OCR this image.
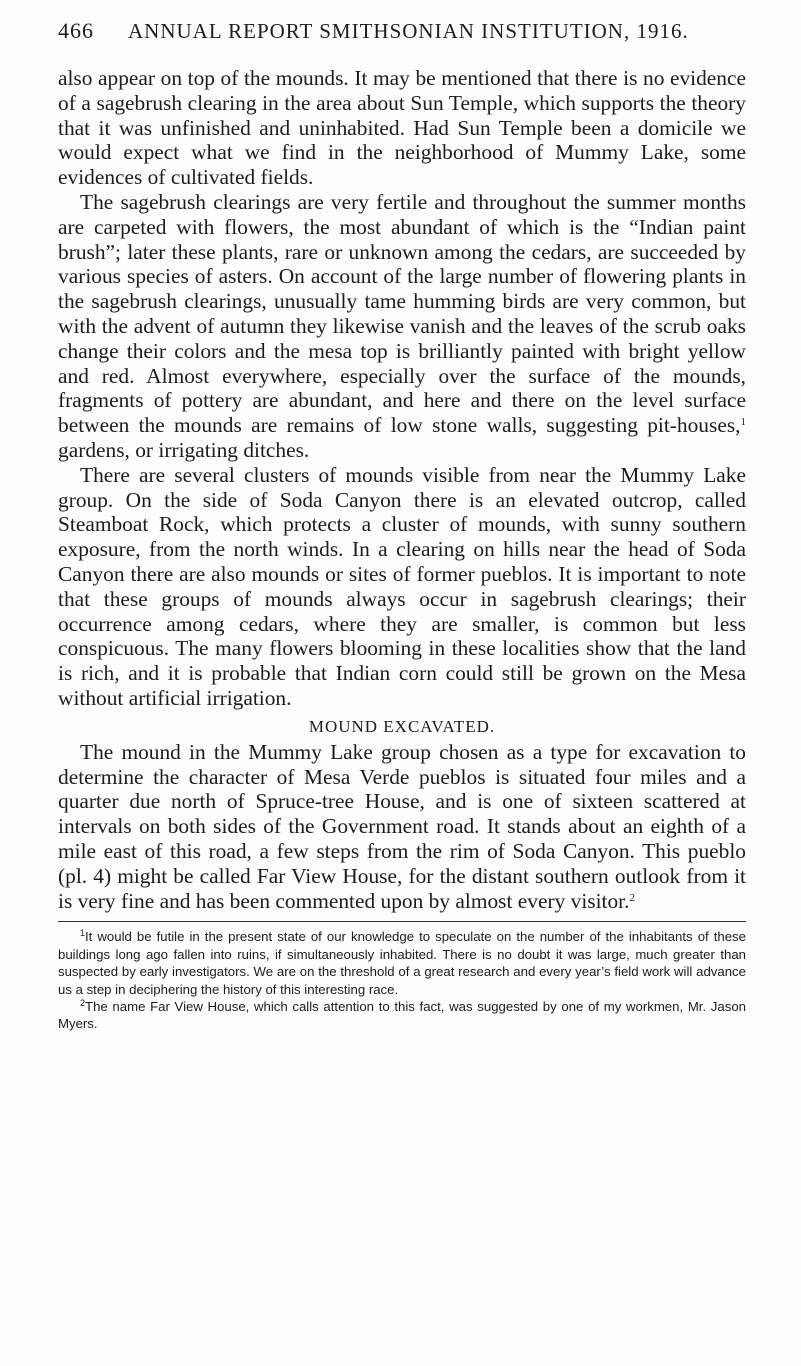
466 ANNUAL REPORT SMITHSONIAN INSTITUTION, 1916.

also appear on top of the mounds. It may be mentioned that there is no evidence of a sagebrush clearing in the area about Sun Temple, which supports the theory that it was unfinished and uninhabited. Had Sun Temple been a domicile we would expect what we find in the neighborhood of Mummy Lake, some evidences of cultivated fields.

The sagebrush clearings are very fertile and throughout the summer months are carpeted with flowers, the most abundant of which is the “Indian paint brush”; later these plants, rare or unknown among the cedars, are succeeded by various species of asters. On account of the large number of flowering plants in the sagebrush clearings, unusually tame humming birds are very common, but with the advent of autumn they likewise vanish and the leaves of the scrub oaks change their colors and the mesa top is brilliantly painted with bright yellow and red. Almost everywhere, especially over the surface of the mounds, fragments of pottery are abundant, and here and there on the level surface between the mounds are remains of low stone walls, suggesting pit-houses,$^1$ gardens, or irrigating ditches.

There are several clusters of mounds visible from near the Mummy Lake group. On the side of Soda Canyon there is an elevated outcrop, called Steamboat Rock, which protects a cluster of mounds, with sunny southern exposure, from the north winds. In a clearing on hills near the head of Soda Canyon there are also mounds or sites of former pueblos. It is important to note that these groups of mounds always occur in sagebrush clearings; their occurrence among cedars, where they are smaller, is common but less conspicuous. The many flowers blooming in these localities show that the land is rich, and it is probable that Indian corn could still be grown on the Mesa without artificial irrigation.

MOUND EXCAVATED.

The mound in the Mummy Lake group chosen as a type for excavation to determine the character of Mesa Verde pueblos is situated four miles and a quarter due north of Spruce-tree House, and is one of sixteen scattered at intervals on both sides of the Government road. It stands about an eighth of a mile east of this road, a few steps from the rim of Soda Canyon. This pueblo (pl. 4) might be called Far View House, for the distant southern outlook from it is very fine and has been commented upon by almost every visitor.$^2$

$^1$It would be futile in the present state of our knowledge to speculate on the number of the inhabitants of these buildings long ago fallen into ruins, if simultaneously inhabited. There is no doubt it was large, much greater than suspected by early investigators. We are on the threshold of a great research and every year’s field work will advance us a step in deciphering the history of this interesting race.

$^2$The name Far View House, which calls attention to this fact, was suggested by one of my workmen, Mr. Jason Myers.
